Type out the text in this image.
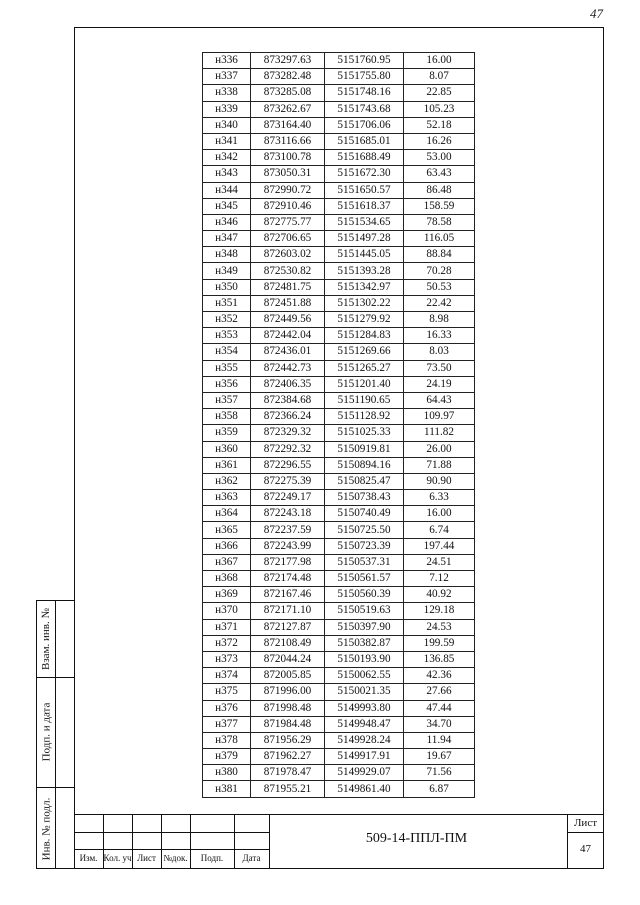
47
н336	873297.63	5151760.95	16.00
н337	873282.48	5151755.80	8.07
н338	873285.08	5151748.16	22.85
н339	873262.67	5151743.68	105.23
н340	873164.40	5151706.06	52.18
н341	873116.66	5151685.01	16.26
н342	873100.78	5151688.49	53.00
н343	873050.31	5151672.30	63.43
н344	872990.72	5151650.57	86.48
н345	872910.46	5151618.37	158.59
н346	872775.77	5151534.65	78.58
н347	872706.65	5151497.28	116.05
н348	872603.02	5151445.05	88.84
н349	872530.82	5151393.28	70.28
н350	872481.75	5151342.97	50.53
н351	872451.88	5151302.22	22.42
н352	872449.56	5151279.92	8.98
н353	872442.04	5151284.83	16.33
н354	872436.01	5151269.66	8.03
н355	872442.73	5151265.27	73.50
н356	872406.35	5151201.40	24.19
н357	872384.68	5151190.65	64.43
н358	872366.24	5151128.92	109.97
н359	872329.32	5151025.33	111.82
н360	872292.32	5150919.81	26.00
н361	872296.55	5150894.16	71.88
н362	872275.39	5150825.47	90.90
н363	872249.17	5150738.43	6.33
н364	872243.18	5150740.49	16.00
н365	872237.59	5150725.50	6.74
н366	872243.99	5150723.39	197.44
н367	872177.98	5150537.31	24.51
н368	872174.48	5150561.57	7.12
н369	872167.46	5150560.39	40.92
н370	872171.10	5150519.63	129.18
н371	872127.87	5150397.90	24.53
н372	872108.49	5150382.87	199.59
н373	872044.24	5150193.90	136.85
н374	872005.85	5150062.55	42.36
н375	871996.00	5150021.35	27.66
н376	871998.48	5149993.80	47.44
н377	871984.48	5149948.47	34.70
н378	871956.29	5149928.24	11.94
н379	871962.27	5149917.91	19.67
н380	871978.47	5149929.07	71.56
н381	871955.21	5149861.40	6.87
Взам. инв. №
Подп. и дата
Инв. № подл.	Изм. Кол. уч Лист №док.	Подп.	Дата
509-14-ППЛ-ПМ
Лист
47
